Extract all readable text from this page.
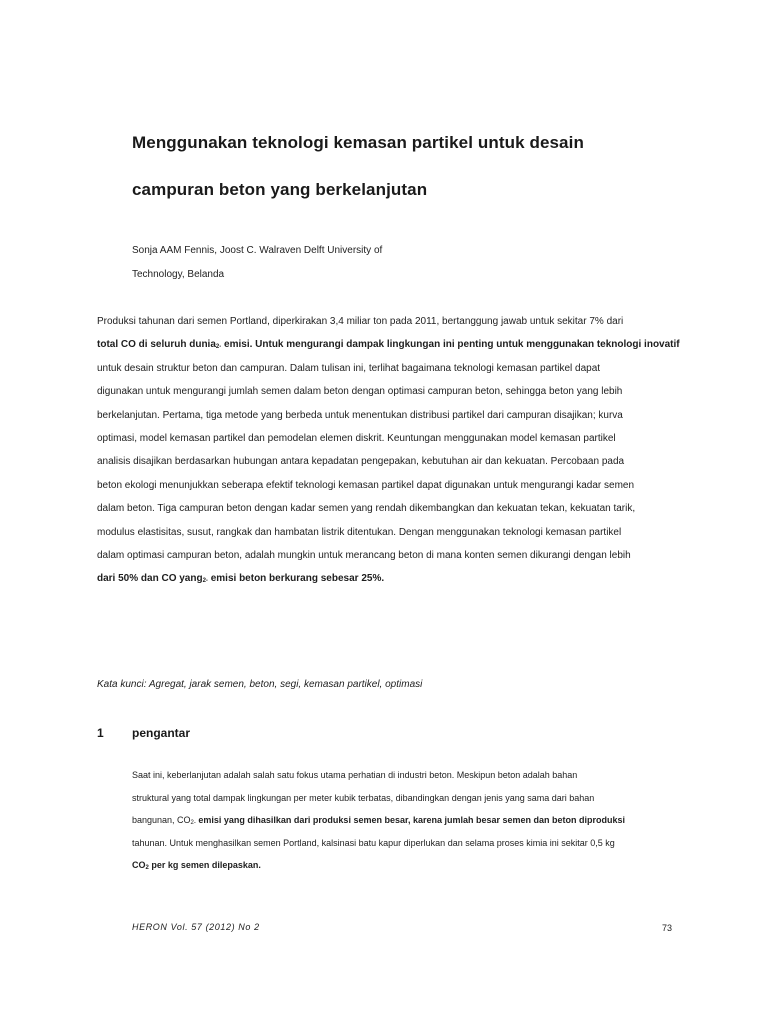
Menggunakan teknologi kemasan partikel untuk desain
campuran beton yang berkelanjutan
Sonja AAM Fennis, Joost C. Walraven Delft University of
Technology, Belanda
Produksi tahunan dari semen Portland, diperkirakan 3,4 miliar ton pada 2011, bertanggung jawab untuk sekitar 7% dari
total CO di seluruh dunia2- emisi. Untuk mengurangi dampak lingkungan ini penting untuk menggunakan teknologi inovatif
untuk desain struktur beton dan campuran. Dalam tulisan ini, terlihat bagaimana teknologi kemasan partikel dapat
digunakan untuk mengurangi jumlah semen dalam beton dengan optimasi campuran beton, sehingga beton yang lebih
berkelanjutan. Pertama, tiga metode yang berbeda untuk menentukan distribusi partikel dari campuran disajikan; kurva
optimasi, model kemasan partikel dan pemodelan elemen diskrit. Keuntungan menggunakan model kemasan partikel
analisis disajikan berdasarkan hubungan antara kepadatan pengepakan, kebutuhan air dan kekuatan. Percobaan pada
beton ekologi menunjukkan seberapa efektif teknologi kemasan partikel dapat digunakan untuk mengurangi kadar semen
dalam beton. Tiga campuran beton dengan kadar semen yang rendah dikembangkan dan kekuatan tekan, kekuatan tarik,
modulus elastisitas, susut, rangkak dan hambatan listrik ditentukan. Dengan menggunakan teknologi kemasan partikel
dalam optimasi campuran beton, adalah mungkin untuk merancang beton di mana konten semen dikurangi dengan lebih
dari 50% dan CO yang2- emisi beton berkurang sebesar 25%.
Kata kunci: Agregat, jarak semen, beton, segi, kemasan partikel, optimasi
1 pengantar
Saat ini, keberlanjutan adalah salah satu fokus utama perhatian di industri beton. Meskipun beton adalah bahan
struktural yang total dampak lingkungan per meter kubik terbatas, dibandingkan dengan jenis yang sama dari bahan
bangunan, CO2- emisi yang dihasilkan dari produksi semen besar, karena jumlah besar semen dan beton diproduksi
tahunan. Untuk menghasilkan semen Portland, kalsinasi batu kapur diperlukan dan selama proses kimia ini sekitar 0,5 kg
CO2 per kg semen dilepaskan.
HERON Vol. 57 (2012) No 2	73
